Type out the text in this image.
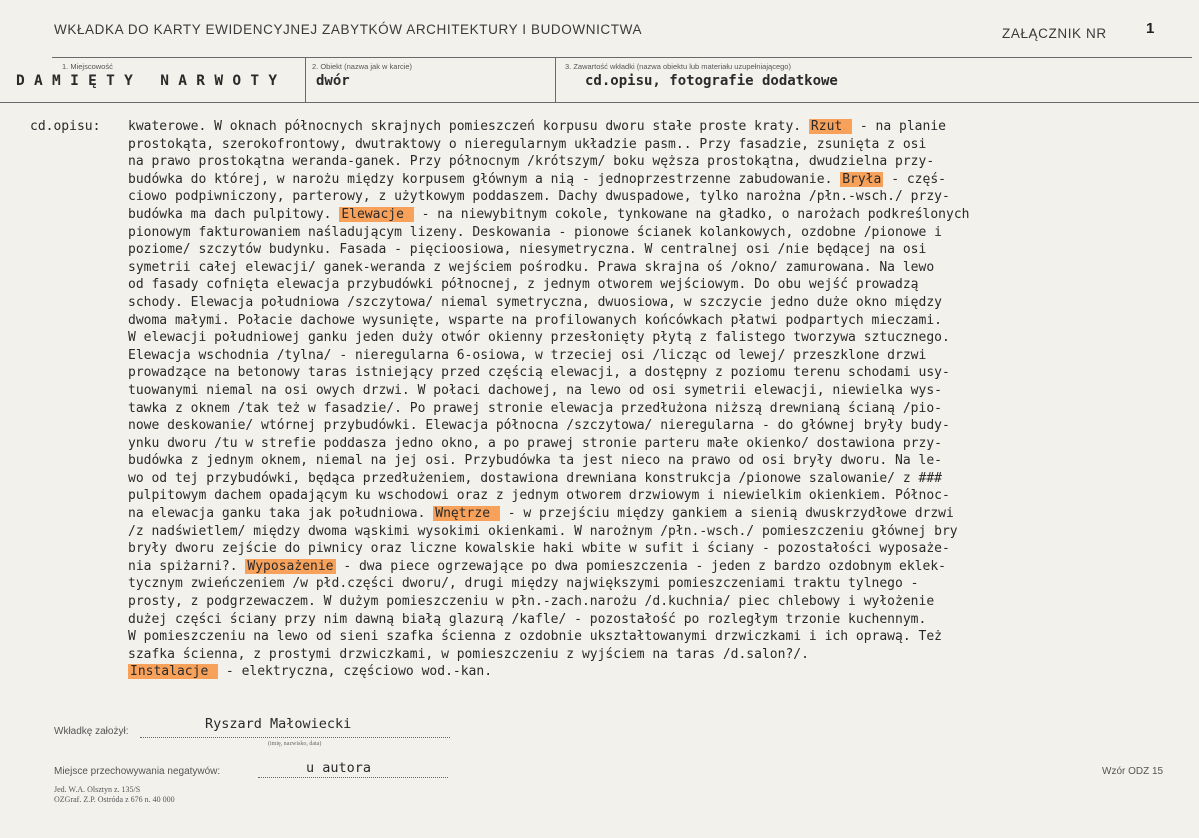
WKŁADKA DO KARTY EWIDENCYJNEJ ZABYTKÓW ARCHITEKTURY I BUDOWNICTWA	ZAŁĄCZNIK NR	1
1. Miejscowość
DAMIĘTY NARWOTY
2. Obiekt (nazwa jak w karcie)
dwór
3. Zawartość wkładki (nazwa obiektu lub materiału uzupełniającego)
cd.opisu, fotografie dodatkowe
cd.opisu: kwaterowe. W oknach północnych skrajnych pomieszczeń korpusu dworu stałe proste kraty. Rzut  - na planie
prostokąta, szerokofrontowy, dwutraktowy o nieregularnym układzie pasm.. Przy fasadzie, zsunięta z osi
na prawo prostokątna weranda-ganek. Przy północnym /krótszym/ boku węższa prostokątna, dwudzielna przy-
budówka do której, w narożu między korpusem głównym a nią - jednoprzestrzenne zabudowanie. Bryła - częś-
ciowo podpiwniczony, parterowy, z użytkowym poddaszem. Dachy dwuspadowe, tylko narożna /płn.-wsch./ przy-
budówka ma dach pulpitowy. Elewacje  - na niewybitnym cokole, tynkowane na gładko, o narożach podkreślonych
pionowym fakturowaniem naśladującym lizeny. Deskowania - pionowe ścianek kolankowych, ozdobne /pionowe i
poziome/ szczytów budynku. Fasada - pięcioosiowa, niesymetryczna. W centralnej osi /nie będącej na osi
symetrii całej elewacji/ ganek-weranda z wejściem pośrodku. Prawa skrajna oś /okno/ zamurowana. Na lewo
od fasady cofnięta elewacja przybudówki północnej, z jednym otworem wejściowym. Do obu wejść prowadzą
schody. Elewacja południowa /szczytowa/ niemal symetryczna, dwuosiowa, w szczycie jedno duże okno między
dwoma małymi. Połacie dachowe wysunięte, wsparte na profilowanych końcówkach płatwi podpartych mieczami.
W elewacji południowej ganku jeden duży otwór okienny przesłonięty płytą z falistego tworzywa sztucznego.
Elewacja wschodnia /tylna/ - nieregularna 6-osiowa, w trzeciej osi /licząc od lewej/ przeszklone drzwi
prowadzące na betonowy taras istniejący przed częścią elewacji, a dostępny z poziomu terenu schodami usy-
tuowanymi niemal na osi owych drzwi. W połaci dachowej, na lewo od osi symetrii elewacji, niewielka wys-
tawka z oknem /tak też w fasadzie/. Po prawej stronie elewacja przedłużona niższą drewnianą ścianą /pio-
nowe deskowanie/ wtórnej przybudówki. Elewacja północna /szczytowa/ nieregularna - do głównej bryły budy-
ynku dworu /tu w strefie poddasza jedno okno, a po prawej stronie parteru małe okienko/ dostawiona przy-
budówka z jednym oknem, niemal na jej osi. Przybudówka ta jest nieco na prawo od osi bryły dworu. Na le-
wo od tej przybudówki, będąca przedłużeniem, dostawiona drewniana konstrukcja /pionowe szalowanie/ z ###
pulpitowym dachem opadającym ku wschodowi oraz z jednym otworem drzwiowym i niewielkim okienkiem. Północ-
na elewacja ganku taka jak południowa. Wnętrze  - w przejściu między gankiem a sienią dwuskrzydłowe drzwi
/z nadświetlem/ między dwoma wąskimi wysokimi okienkami. W narożnym /płn.-wsch./ pomieszczeniu głównej bry
bryły dworu zejście do piwnicy oraz liczne kowalskie haki wbite w sufit i ściany - pozostałości wyposaże-
nia spiżarni?. Wyposażenie - dwa piece ogrzewające po dwa pomieszczenia - jeden z bardzo ozdobnym eklek-
tycznym zwieńczeniem /w płd.części dworu/, drugi między największymi pomieszczeniami traktu tylnego -
prosty, z podgrzewaczem. W dużym pomieszczeniu w płn.-zach.narożu /d.kuchnia/ piec chlebowy i wyłożenie
dużej części ściany przy nim dawną białą glazurą /kafle/ - pozostałość po rozległym trzonie kuchennym.
W pomieszczeniu na lewo od sieni szafka ścienna z ozdobnie ukształtowanymi drzwiczkami i ich oprawą. Też
szafka ścienna, z prostymi drzwiczkami, w pomieszczeniu z wyjściem na taras /d.salon?/.
Instalacje  - elektryczna, częściowo wod.-kan.
Wkładkę założył:	Ryszard Małowiecki
(imię, nazwisko, data)
Miejsce przechowywania negatywów:	u autora	Wzór ODZ 15
Jed. W.A. Olsztyn z. 135/S
OZGraf. Z.P. Ostróda z 676 n. 40 000
